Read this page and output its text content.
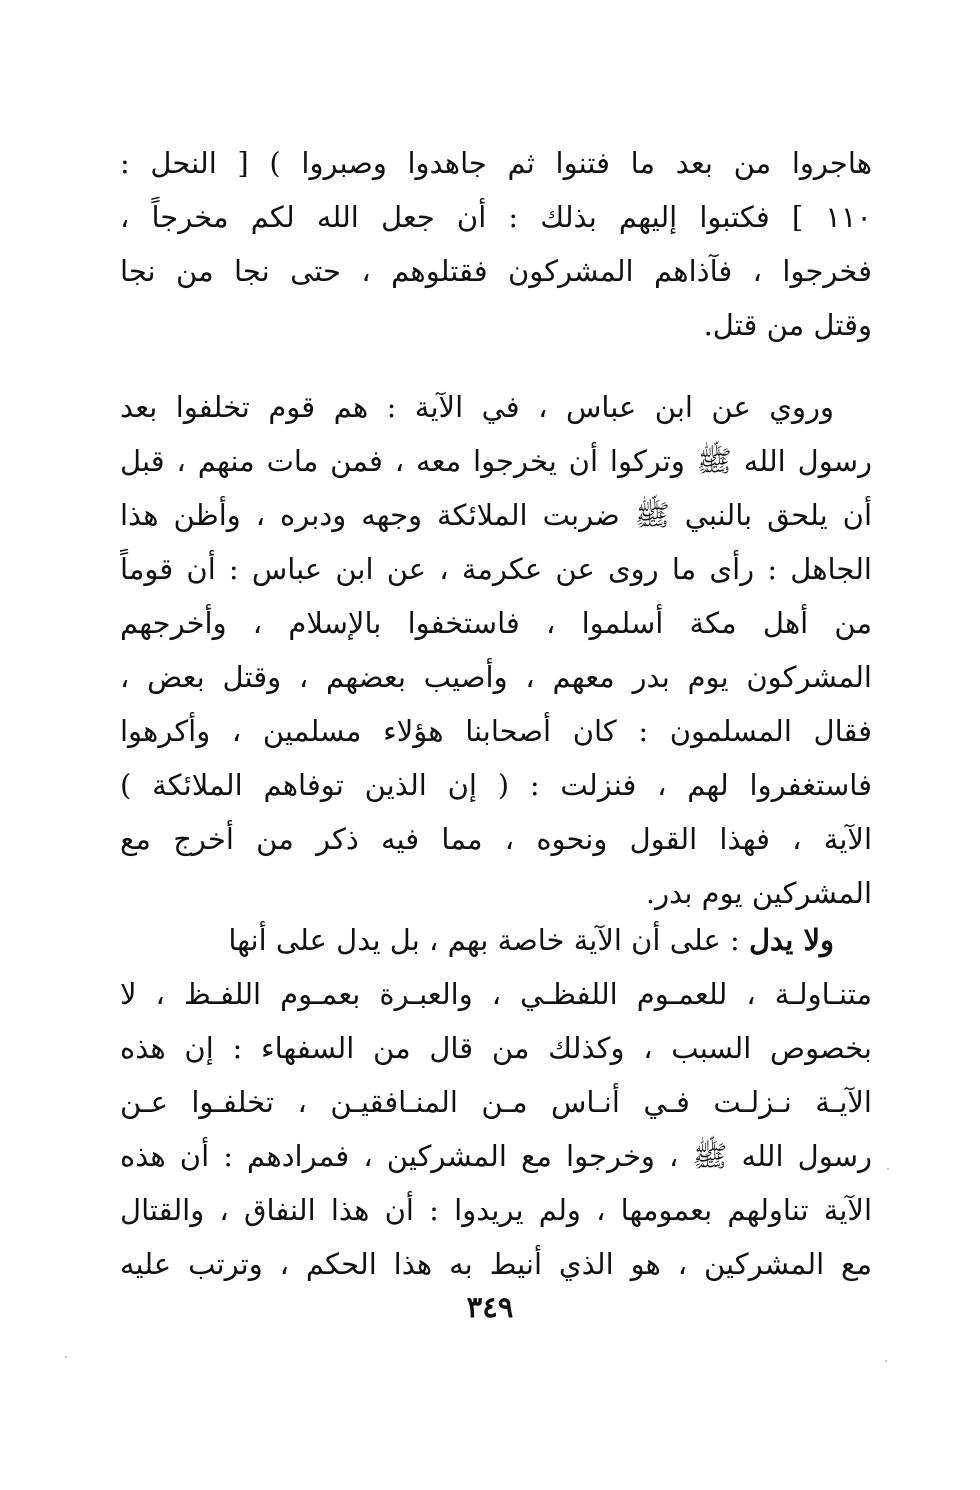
هاجروا من بعد ما فتنوا ثم جاهدوا وصبروا ) [ النحل :
١١٠ ] فكتبوا إليهم بذلك : أن جعل الله لكم مخرجاً ،
فخرجوا ، فآذاهم المشركون فقتلوهم ، حتى نجا من نجا
وقتل من قتل.
وروي عن ابن عباس ، في الآية : هم قوم تخلفوا بعد
رسول الله ﷺ وتركوا أن يخرجوا معه ، فمن مات منهم ، قبل
أن يلحق بالنبي ﷺ ضربت الملائكة وجهه ودبره ، وأظن هذا
الجاهل : رأى ما روى عن عكرمة ، عن ابن عباس : أن قوماً
من أهل مكة أسلموا ، فاستخفوا بالإسلام ، وأخرجهم
المشركون يوم بدر معهم ، وأصيب بعضهم ، وقتل بعض ،
فقال المسلمون : كان أصحابنا هؤلاء مسلمين ، وأكرهوا
فاستغفروا لهم ، فنزلت : ( إن الذين توفاهم الملائكة )
الآية ، فهذا القول ونحوه ، مما فيه ذكر من أخرج مع
المشركين يوم بدر.
ولا يدل : على أن الآية خاصة بهم ، بل يدل على أنها
متنـاولـة ، للعمـوم اللفظـي ، والعبـرة بعمـوم اللفـظ ، لا
بخصوص السبب ، وكذلك من قال من السفهاء : إن هذه
الآيـة نـزلـت فـي أنـاس مـن المنـافقيـن ، تخلفـوا عـن
رسول الله ﷺ ، وخرجوا مع المشركين ، فمرادهم : أن هذه
الآية تناولهم بعمومها ، ولم يريدوا : أن هذا النفاق ، والقتال
مع المشركين ، هو الذي أنيط به هذا الحكم ، وترتب عليه
٣٤٩
